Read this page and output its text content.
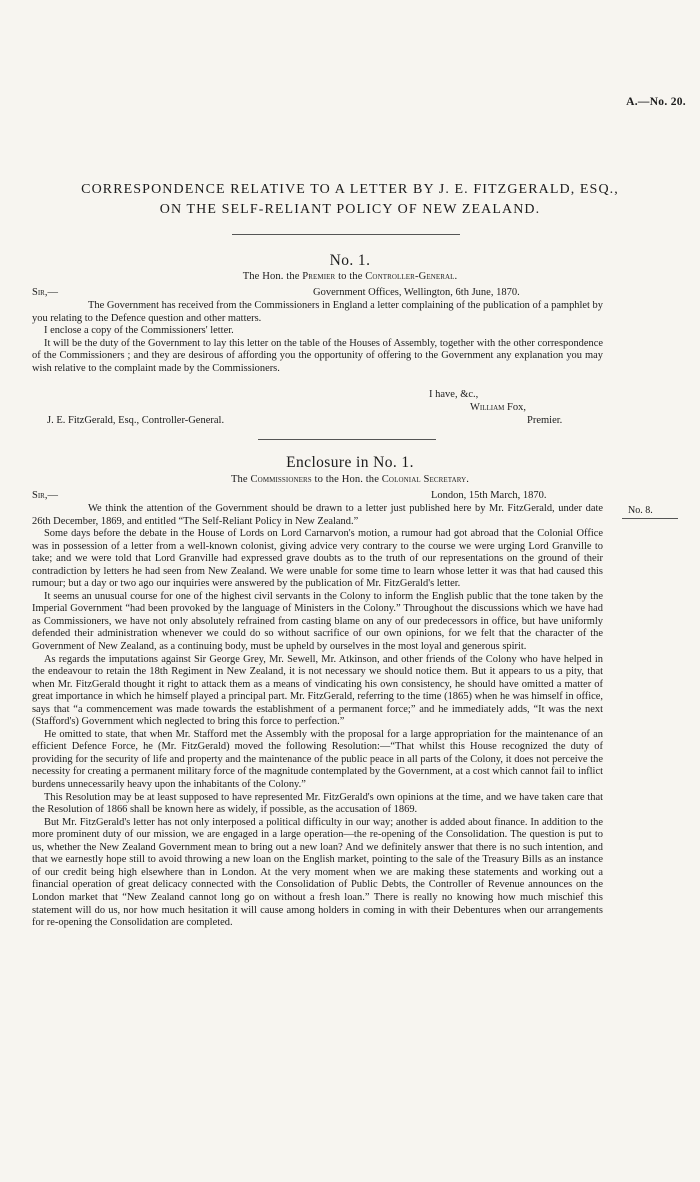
A.—No. 20.
CORRESPONDENCE RELATIVE TO A LETTER BY J. E. FITZGERALD, ESQ.,
ON THE SELF-RELIANT POLICY OF NEW ZEALAND.
No. 1.
The Hon. the Premier to the Controller-General.
Sir,—	Government Offices, Wellington, 6th June, 1870.

The Government has received from the Commissioners in England a letter complaining of the publication of a pamphlet by you relating to the Defence question and other matters.

I enclose a copy of the Commissioners' letter.

It will be the duty of the Government to lay this letter on the table of the Houses of Assembly, together with the other correspondence of the Commissioners ; and they are desirous of affording you the opportunity of offering to the Government any explanation you may wish relative to the complaint made by the Commissioners.

I have, &c.,
William Fox,
Premier.
J. E. FitzGerald, Esq., Controller-General.
Enclosure in No. 1.
The Commissioners to the Hon. the Colonial Secretary.
Sir,—	London, 15th March, 1870.
No. 8.

We think the attention of the Government should be drawn to a letter just published here by Mr. FitzGerald, under date 26th December, 1869, and entitled “The Self-Reliant Policy in New Zealand.”

Some days before the debate in the House of Lords on Lord Carnarvon's motion, a rumour had got abroad that the Colonial Office was in possession of a letter from a well-known colonist, giving advice very contrary to the course we were urging Lord Granville to take; and we were told that Lord Granville had expressed grave doubts as to the truth of our representations on the ground of their contradiction by letters he had seen from New Zealand. We were unable for some time to learn whose letter it was that had caused this rumour; but a day or two ago our inquiries were answered by the publication of Mr. FitzGerald's letter.

It seems an unusual course for one of the highest civil servants in the Colony to inform the English public that the tone taken by the Imperial Government “had been provoked by the language of Ministers in the Colony.” Throughout the discussions which we have had as Commissioners, we have not only absolutely refrained from casting blame on any of our predecessors in office, but have uniformly defended their administration whenever we could do so without sacrifice of our own opinions, for we felt that the character of the Government of New Zealand, as a continuing body, must be upheld by ourselves in the most loyal and generous spirit.

As regards the imputations against Sir George Grey, Mr. Sewell, Mr. Atkinson, and other friends of the Colony who have helped in the endeavour to retain the 18th Regiment in New Zealand, it is not necessary we should notice them. But it appears to us a pity, that when Mr. FitzGerald thought it right to attack them as a means of vindicating his own consistency, he should have omitted a matter of great importance in which he himself played a principal part. Mr. FitzGerald, referring to the time (1865) when he was himself in office, says that “a commencement was made towards the establishment of a permanent force;” and he immediately adds, “It was the next (Stafford's) Government which neglected to bring this force to perfection.”

He omitted to state, that when Mr. Stafford met the Assembly with the proposal for a large appropriation for the maintenance of an efficient Defence Force, he (Mr. FitzGerald) moved the following Resolution:—“That whilst this House recognized the duty of providing for the security of life and property and the maintenance of the public peace in all parts of the Colony, it does not perceive the necessity for creating a permanent military force of the magnitude contemplated by the Government, at a cost which cannot fail to inflict burdens unnecessarily heavy upon the inhabitants of the Colony.”

This Resolution may be at least supposed to have represented Mr. FitzGerald's own opinions at the time, and we have taken care that the Resolution of 1866 shall be known here as widely, if possible, as the accusation of 1869.

But Mr. FitzGerald's letter has not only interposed a political difficulty in our way; another is added about finance. In addition to the more prominent duty of our mission, we are engaged in a large operation—the re-opening of the Consolidation. The question is put to us, whether the New Zealand Government mean to bring out a new loan? And we definitely answer that there is no such intention, and that we earnestly hope still to avoid throwing a new loan on the English market, pointing to the sale of the Treasury Bills as an instance of our credit being high elsewhere than in London. At the very moment when we are making these statements and working out a financial operation of great delicacy connected with the Consolidation of Public Debts, the Controller of Revenue announces on the London market that “New Zealand cannot long go on without a fresh loan.” There is really no knowing how much mischief this statement will do us, nor how much hesitation it will cause among holders in coming in with their Debentures when our arrangements for re-opening the Consolidation are completed.
